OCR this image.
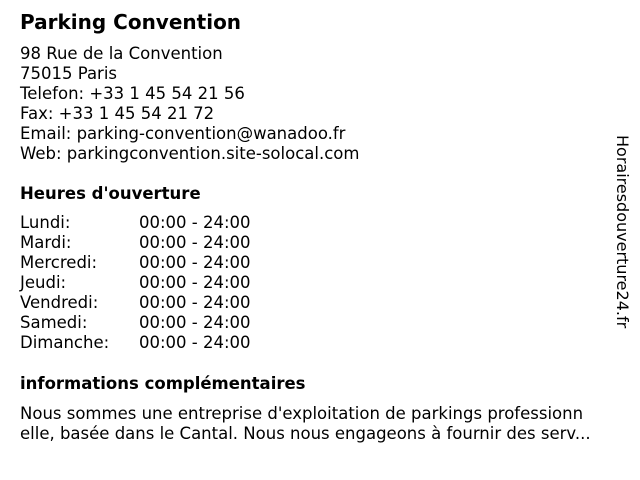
Parking Convention
98 Rue de la Convention
75015 Paris
Telefon: +33 1 45 54 21 56
Fax: +33 1 45 54 21 72
Email: parking-convention@wanadoo.fr
Web: parkingconvention.site-solocal.com
Heures d'ouverture
Lundi:	00:00 - 24:00
Mardi:	00:00 - 24:00
Mercredi:	00:00 - 24:00
Jeudi:	00:00 - 24:00
Vendredi: 00:00 - 24:00
Samedi:	00:00 - 24:00
Dimanche: 00:00 - 24:00
informations complémentaires
Nous sommes une entreprise d'exploitation de parkings professionn
elle, basée dans le Cantal. Nous nous engageons à fournir des serv...
Horairesdouverture24.fr
